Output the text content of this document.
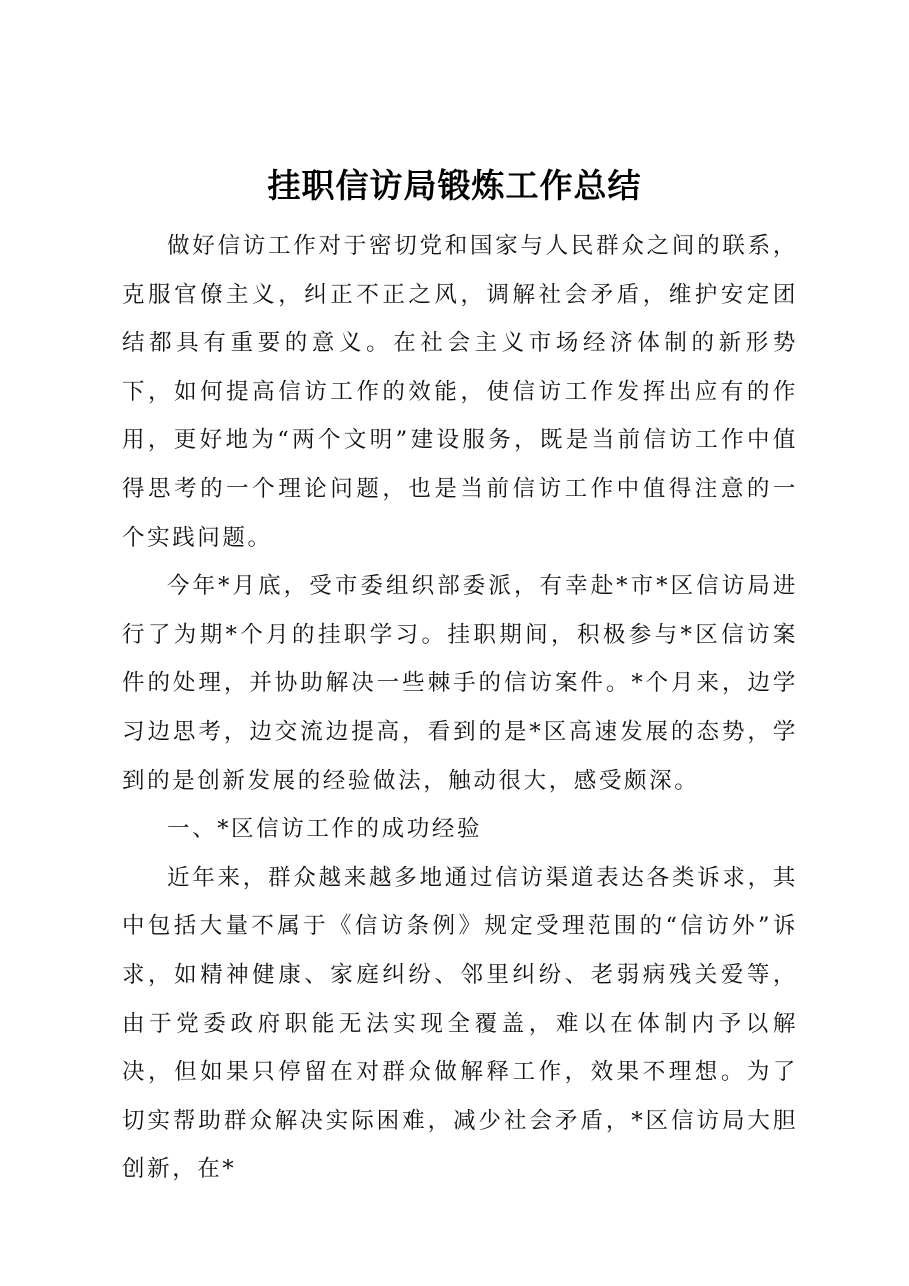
挂职信访局锻炼工作总结

做好信访工作对于密切党和国家与人民群众之间的联系，克服官僚主义，纠正不正之风，调解社会矛盾，维护安定团结都具有重要的意义。在社会主义市场经济体制的新形势下，如何提高信访工作的效能，使信访工作发挥出应有的作用，更好地为“两个文明”建设服务，既是当前信访工作中值得思考的一个理论问题，也是当前信访工作中值得注意的一个实践问题。

今年*月底，受市委组织部委派，有幸赴*市*区信访局进行了为期*个月的挂职学习。挂职期间，积极参与*区信访案件的处理，并协助解决一些棘手的信访案件。*个月来，边学习边思考，边交流边提高，看到的是*区高速发展的态势，学到的是创新发展的经验做法，触动很大，感受颇深。

一、*区信访工作的成功经验

近年来，群众越来越多地通过信访渠道表达各类诉求，其中包括大量不属于《信访条例》规定受理范围的“信访外”诉求，如精神健康、家庭纠纷、邻里纠纷、老弱病残关爱等，由于党委政府职能无法实现全覆盖，难以在体制内予以解决，但如果只停留在对群众做解释工作，效果不理想。为了切实帮助群众解决实际困难，减少社会矛盾，*区信访局大胆创新，在*
